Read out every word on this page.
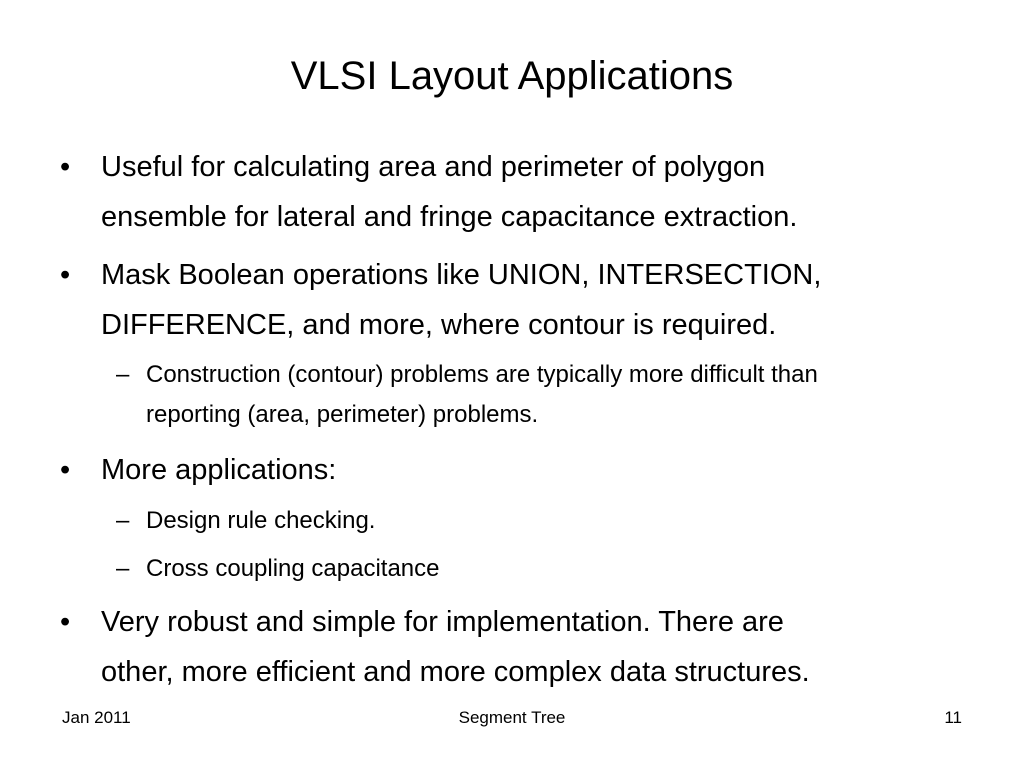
VLSI Layout Applications
• Useful for calculating area and perimeter of polygon
ensemble for lateral and fringe capacitance extraction.
• Mask Boolean operations like UNION, INTERSECTION,
DIFFERENCE, and more, where contour is required.
– Construction (contour) problems are typically more difficult than
reporting (area, perimeter) problems.
• More applications:
– Design rule checking.
– Cross coupling capacitance
• Very robust and simple for implementation. There are
other, more efficient and more complex data structures.
Jan 2011	Segment Tree	11
